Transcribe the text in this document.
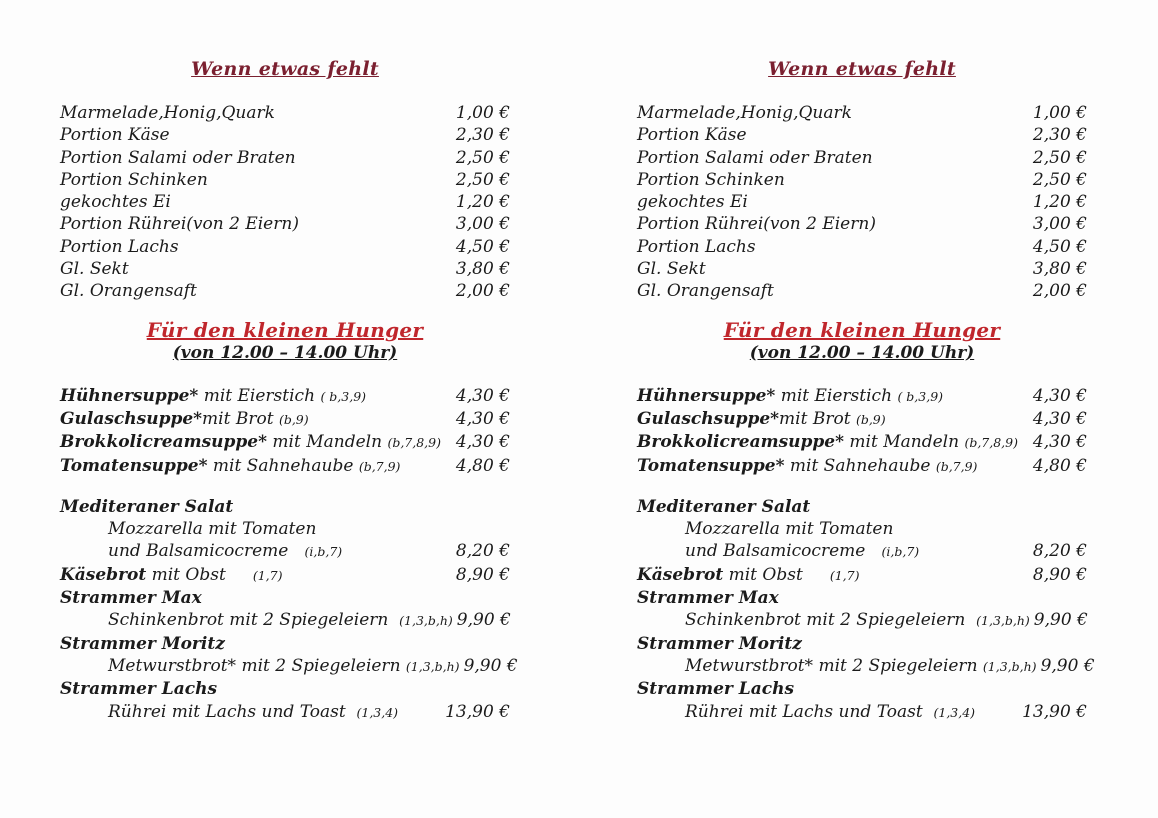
Wenn etwas fehlt
Marmelade,Honig,Quark	1,00 €
Portion Käse	2,30 €
Portion Salami oder Braten	2,50 €
Portion Schinken	2,50 €
gekochtes Ei	1,20 €
Portion Rührei(von 2 Eiern)	3,00 €
Portion Lachs	4,50 €
Gl. Sekt	3,80 €
Gl. Orangensaft	2,00 €
Für den kleinen Hunger
(von 12.00 – 14.00 Uhr)
Hühnersuppe* mit Eierstich ( b,3,9)	4,30 €
Gulaschsuppe* mit Brot (b,9)	4,30 €
Brokkolicreamsuppe* mit Mandeln (b,7,8,9) 4,30 €
Tomatensuppe* mit Sahnehaube (b,7,9)	4,80 €
Mediteraner Salat
Mozzarella mit Tomaten
und Balsamicocreme (i,b,7)	8,20 €
Käsebrot mit Obst (1,7)	8,90 €
Strammer Max
Schinkenbrot mit 2 Spiegeleiern (1,3,b,h) 9,90 €
Strammer Moritz
Metwurstbrot* mit 2 Spiegeleiern (1,3,b,h) 9,90 €
Strammer Lachs
Rührei mit Lachs und Toast (1,3,4)	13,90 €
Wenn etwas fehlt
Marmelade,Honig,Quark	1,00 €
Portion Käse	2,30 €
Portion Salami oder Braten	2,50 €
Portion Schinken	2,50 €
gekochtes Ei	1,20 €
Portion Rührei(von 2 Eiern)	3,00 €
Portion Lachs	4,50 €
Gl. Sekt	3,80 €
Gl. Orangensaft	2,00 €
Für den kleinen Hunger
(von 12.00 – 14.00 Uhr)
Hühnersuppe* mit Eierstich ( b,3,9)	4,30 €
Gulaschsuppe* mit Brot (b,9)	4,30 €
Brokkolicreamsuppe* mit Mandeln (b,7,8,9) 4,30 €
Tomatensuppe* mit Sahnehaube (b,7,9)	4,80 €
Mediteraner Salat
Mozzarella mit Tomaten
und Balsamicocreme (i,b,7)	8,20 €
Käsebrot mit Obst (1,7)	8,90 €
Strammer Max
Schinkenbrot mit 2 Spiegeleiern (1,3,b,h) 9,90 €
Strammer Moritz
Metwurstbrot* mit 2 Spiegeleiern (1,3,b,h) 9,90 €
Strammer Lachs
Rührei mit Lachs und Toast (1,3,4)	13,90 €
